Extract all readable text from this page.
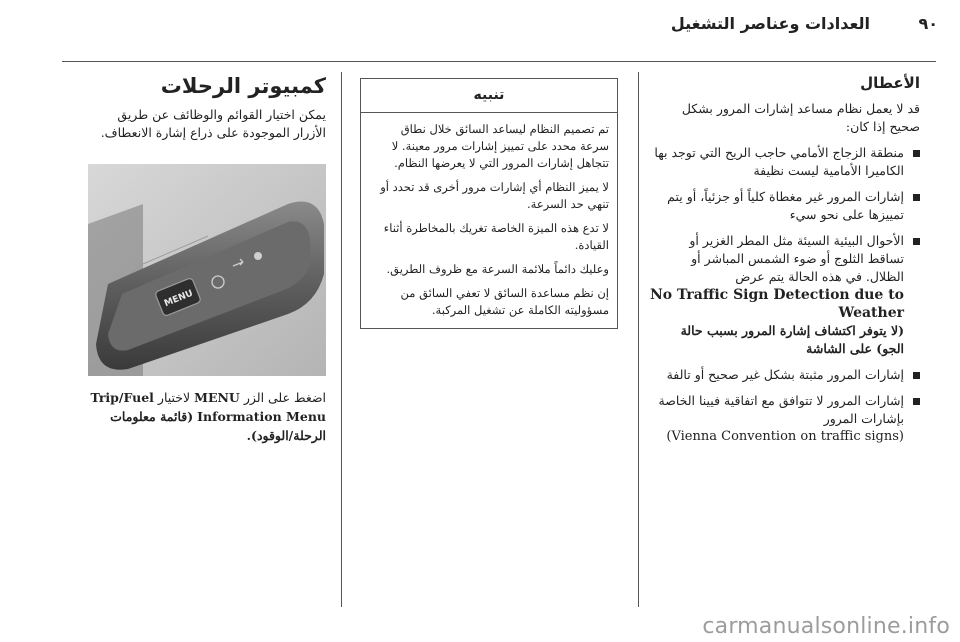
العدادات وعناصر التشغيل	٩٠
الأعطال

قد لا يعمل نظام مساعد إشارات المرور بشكل صحيح إذا كان:

منطقة الزجاج الأمامي حاجب الريح التي توجد بها الكاميرا الأمامية ليست نظيفة
إشارات المرور غير مغطاة كلياً أو جزئياً، أو يتم تمييزها على نحو سيء
الأحوال البيئية السيئة مثل المطر الغزير أو تساقط الثلوج أو ضوء الشمس المباشر أو الظلال. في هذه الحالة يتم عرض
No Traffic Sign Detection due to Weather
(لا يتوفر اكتشاف إشارة المرور بسبب حالة الجو) على الشاشة
إشارات المرور مثبتة بشكل غير صحيح أو تالفة
إشارات المرور لا تتوافق مع اتفاقية فيينا الخاصة بإشارات المرور
(Vienna Convention on traffic signs)
تنبيه

تم تصميم النظام ليساعد السائق خلال نطاق سرعة محدد على تمييز إشارات مرور معينة. لا تتجاهل إشارات المرور التي لا يعرضها النظام.

لا يميز النظام أي إشارات مرور أخرى قد تحدد أو تنهي حد السرعة.

لا تدع هذه الميزة الخاصة تغريك بالمخاطرة أثناء القيادة.

وعليك دائماً ملائمة السرعة مع ظروف الطريق.

إن نظم مساعدة السائق لا تعفي السائق من مسؤوليته الكاملة عن تشغيل المركبة.

كمبيوتر الرحلات

يمكن اختيار القوائم والوظائف عن طريق الأزرار الموجودة على ذراع إشارة الانعطاف.

MENU
اضغط على الزر MENU لاختيار Trip/Fuel Information Menu (قائمة معلومات الرحلة/الوقود).
carmanualsonline.info
